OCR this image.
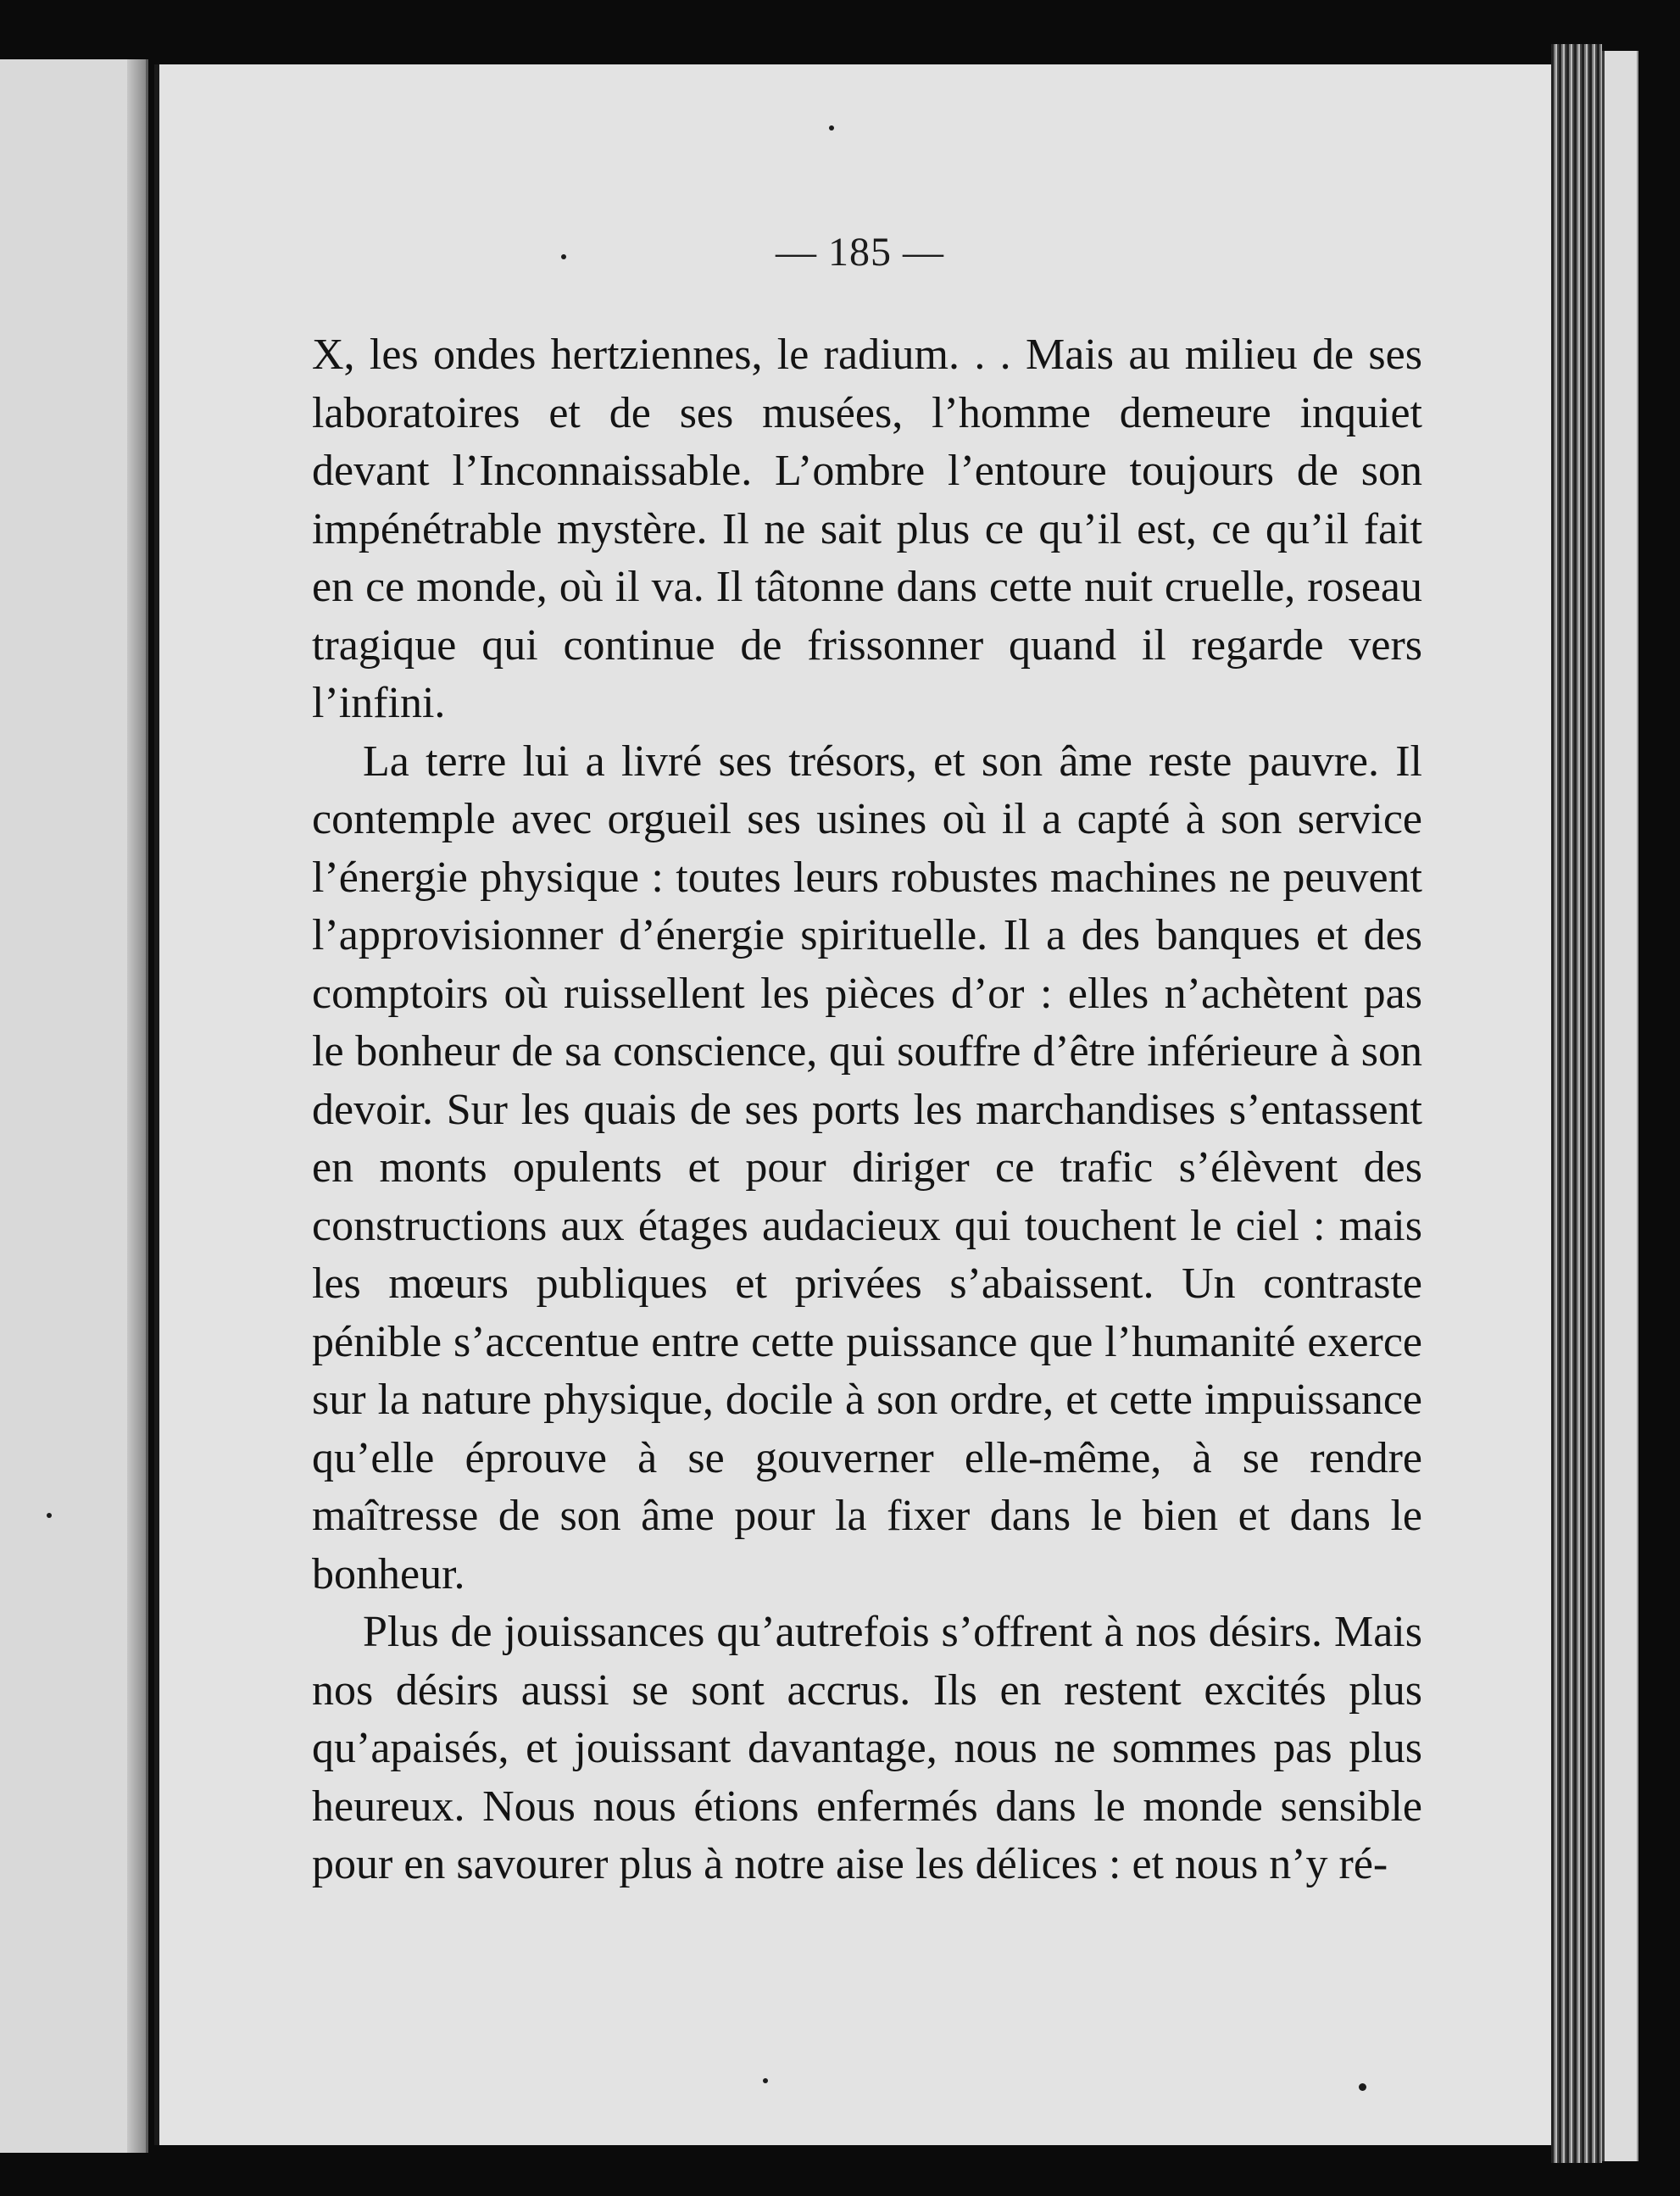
— 185 —

X, les ondes hertziennes, le radium. . . Mais au milieu de ses laboratoires et de ses musées, l’homme demeure inquiet devant l’Inconnaissable. L’ombre l’entoure toujours de son impénétrable mystère. Il ne sait plus ce qu’il est, ce qu’il fait en ce monde, où il va. Il tâtonne dans cette nuit cruelle, roseau tragique qui continue de frissonner quand il regarde vers l’infini.

La terre lui a livré ses trésors, et son âme reste pauvre. Il contemple avec orgueil ses usines où il a capté à son service l’énergie physique : toutes leurs robustes machines ne peuvent l’approvisionner d’énergie spirituelle. Il a des banques et des comptoirs où ruissellent les pièces d’or : elles n’achètent pas le bonheur de sa conscience, qui souffre d’être inférieure à son devoir. Sur les quais de ses ports les marchandises s’entassent en monts opulents et pour diriger ce trafic s’élèvent des constructions aux étages audacieux qui touchent le ciel : mais les mœurs publiques et privées s’abaissent. Un contraste pénible s’accentue entre cette puissance que l’humanité exerce sur la nature physique, docile à son ordre, et cette impuissance qu’elle éprouve à se gouverner elle-même, à se rendre maîtresse de son âme pour la fixer dans le bien et dans le bonheur.

Plus de jouissances qu’autrefois s’offrent à nos désirs. Mais nos désirs aussi se sont accrus. Ils en restent excités plus qu’apaisés, et jouissant davantage, nous ne sommes pas plus heureux. Nous nous étions enfermés dans le monde sensible pour en savourer plus à notre aise les délices : et nous n’y ré-
